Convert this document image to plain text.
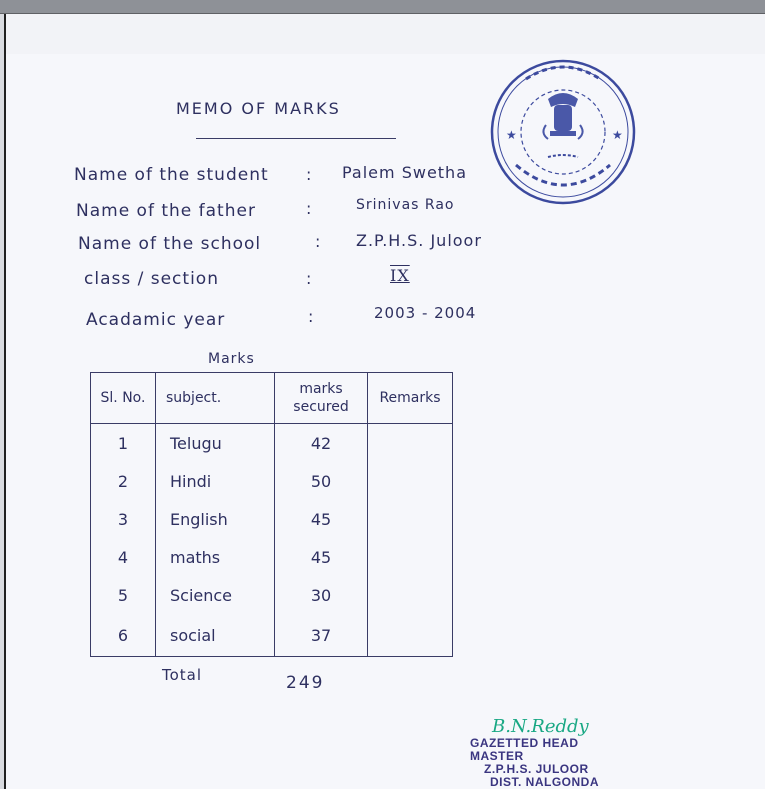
MEMO OF MARKS
Name of the student : Palem Swetha
Name of the father	:	Srinivas Rao
Name of the school	: Z.P.H.S. Juloor
class / section	:	IX
Acadamic year	:	2003 - 2004
Marks
Sl. No.	subject.	marks secured	Remarks
1	Telugu	42	
2	Hindi	50	
3	English	45	
4	maths	45	
5	Science	30	
6	social	37	
Total	249
★	★
B.N.Reddy
GAZETTED HEAD MASTER
Z.P.H.S. JULOOR
DIST. NALGONDA
